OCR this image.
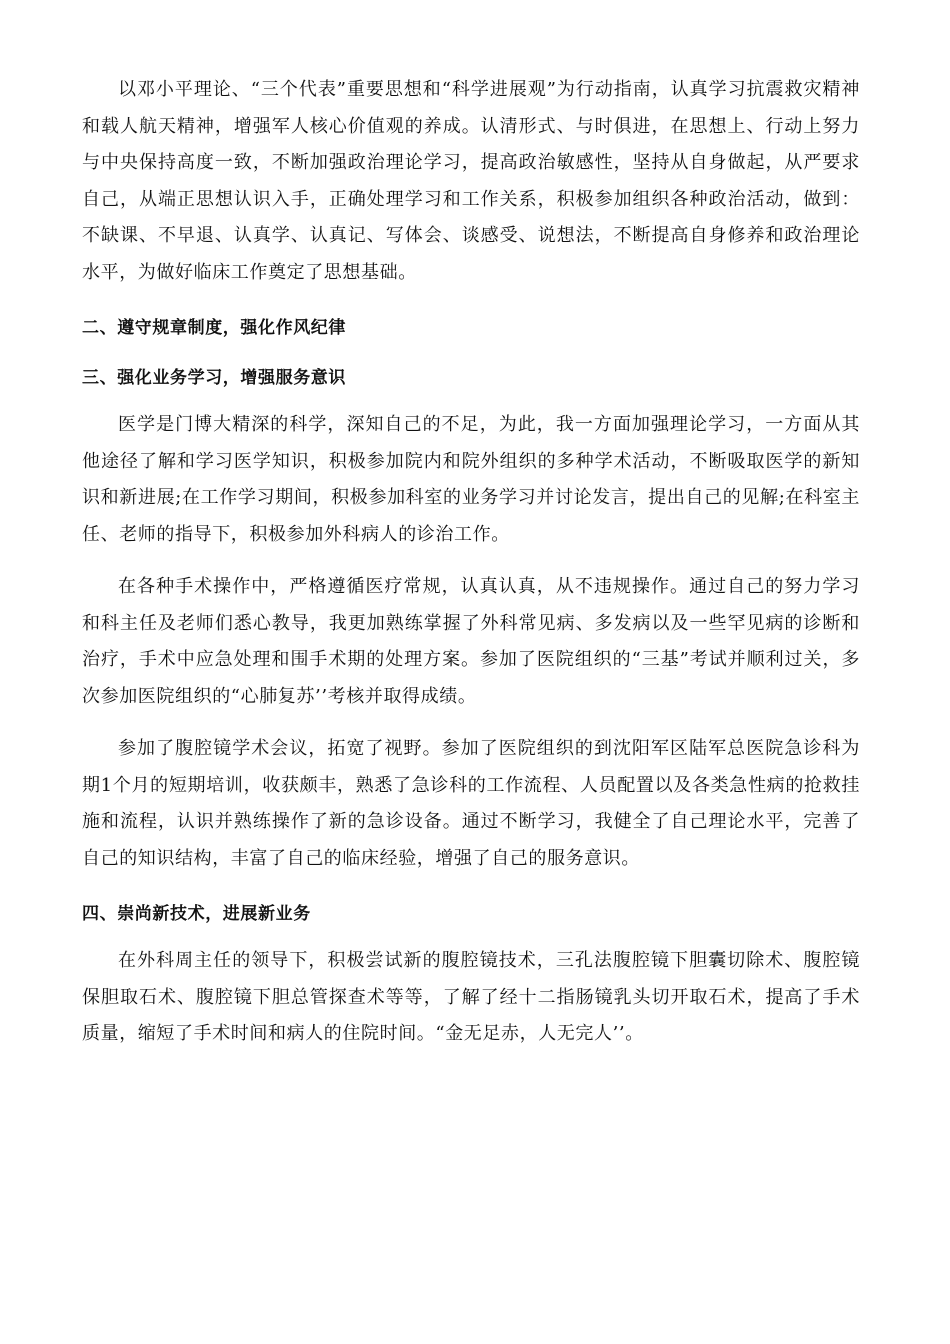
以邓小平理论、“三个代表”重要思想和“科学进展观”为行动指南，认真学习抗震救灾精神和载人航天精神，增强军人核心价值观的养成。认清形式、与时俱进，在思想上、行动上努力与中央保持高度一致，不断加强政治理论学习，提高政治敏感性，坚持从自身做起，从严要求自己，从端正思想认识入手，正确处理学习和工作关系，积极参加组织各种政治活动，做到：不缺课、不早退、认真学、认真记、写体会、谈感受、说想法，不断提高自身修养和政治理论水平，为做好临床工作奠定了思想基础。

二、遵守规章制度，强化作风纪律
三、强化业务学习，增强服务意识

医学是门博大精深的科学，深知自己的不足，为此，我一方面加强理论学习，一方面从其他途径了解和学习医学知识，积极参加院内和院外组织的多种学术活动，不断吸取医学的新知识和新进展;在工作学习期间，积极参加科室的业务学习并讨论发言，提出自己的见解;在科室主任、老师的指导下，积极参加外科病人的诊治工作。

在各种手术操作中，严格遵循医疗常规，认真认真，从不违规操作。通过自己的努力学习和科主任及老师们悉心教导，我更加熟练掌握了外科常见病、多发病以及一些罕见病的诊断和治疗，手术中应急处理和围手术期的处理方案。参加了医院组织的“三基”考试并顺利过关，多次参加医院组织的“心肺复苏’’考核并取得成绩。

参加了腹腔镜学术会议，拓宽了视野。参加了医院组织的到沈阳军区陆军总医院急诊科为期1个月的短期培训，收获颇丰，熟悉了急诊科的工作流程、人员配置以及各类急性病的抢救挂施和流程，认识并熟练操作了新的急诊设备。通过不断学习，我健全了自己理论水平，完善了自己的知识结构，丰富了自己的临床经验，增强了自己的服务意识。

四、崇尚新技术，进展新业务

在外科周主任的领导下，积极尝试新的腹腔镜技术，三孔法腹腔镜下胆囊切除术、腹腔镜保胆取石术、腹腔镜下胆总管探查术等等，了解了经十二指肠镜乳头切开取石术，提高了手术质量，缩短了手术时间和病人的住院时间。“金无足赤，人无完人’’。
